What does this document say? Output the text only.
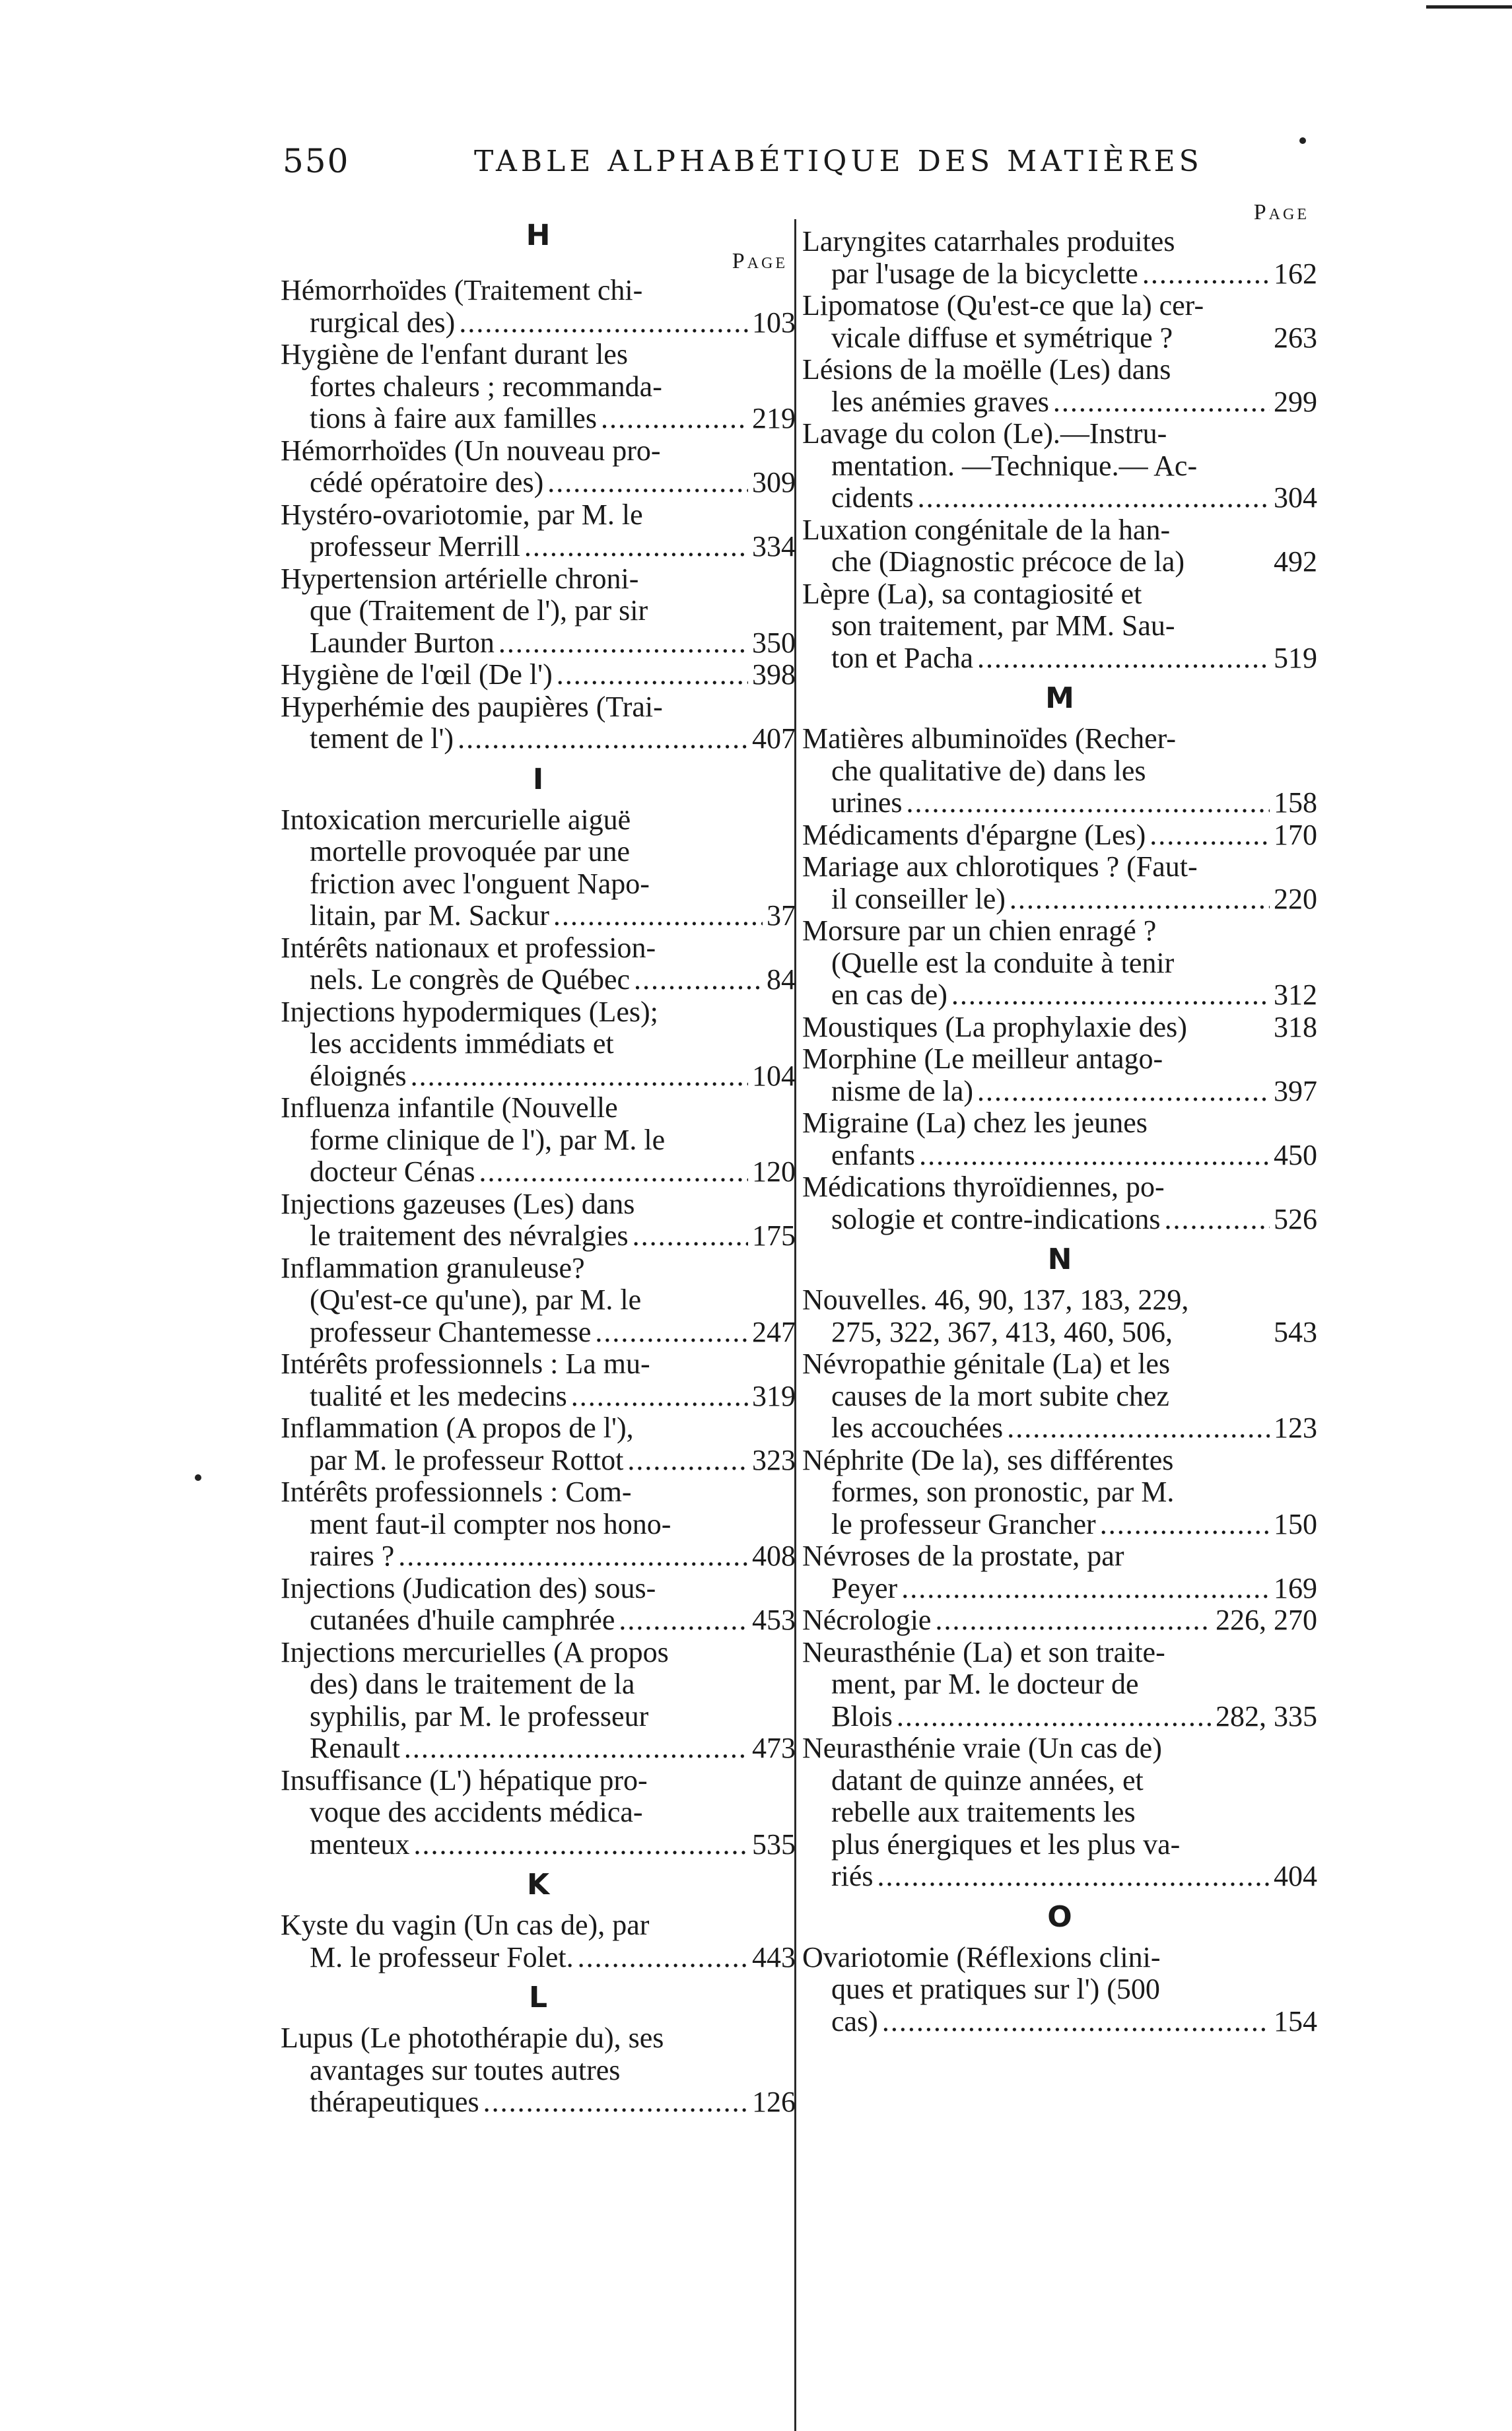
550	TABLE ALPHABÉTIQUE DES MATIÈRES
H
Page
Hémorrhoïdes (Traitement chi-
rurgical des) .....	103
Hygiène de l'enfant durant les
fortes chaleurs ; recommanda-
tions à faire aux familles .....	219
Hémorrhoïdes (Un nouveau pro-
cédé opératoire des) .....	309
Hystéro-ovariotomie, par M. le
professeur Merrill .....	334
Hypertension artérielle chroni-
que (Traitement de l'), par sir
Launder Burton .....	350
Hygiène de l'œil (De l') .....	398
Hyperhémie des paupières (Trai-
tement de l') .....	407
I
Intoxication mercurielle aiguë
mortelle provoquée par une
friction avec l'onguent Napo-
litain, par M. Sackur .....	37
Intérêts nationaux et profession-
nels. Le congrès de Québec .....	84
Injections hypodermiques (Les);
les accidents immédiats et
éloignés .....	104
Influenza infantile (Nouvelle
forme clinique de l'), par M. le
docteur Cénas .....	120
Injections gazeuses (Les) dans
le traitement des névralgies .....	175
Inflammation granuleuse?
(Qu'est-ce qu'une), par M. le
professeur Chantemesse .....	247
Intérêts professionnels : La mu-
tualité et les medecins .....	319
Inflammation (A propos de l'),
par M. le professeur Rottot .....	323
Intérêts professionnels : Com-
ment faut-il compter nos hono-
raires ? .....	408
Injections (Judication des) sous-
cutanées d'huile camphrée .....	453
Injections mercurielles (A propos
des) dans le traitement de la
syphilis, par M. le professeur
Renault .....	473
Insuffisance (L') hépatique pro-
voque des accidents médica-
menteux .....	535
K
Kyste du vagin (Un cas de), par
M. le professeur Folet. .....	443
L
Lupus (Le photothérapie du), ses
avantages sur toutes autres
thérapeutiques .....	126
Page
Laryngites catarrhales produites
par l'usage de la bicyclette .....	162
Lipomatose (Qu'est-ce que la) cer-
vicale diffuse et symétrique ?	263
Lésions de la moëlle (Les) dans
les anémies graves .....	299
Lavage du colon (Le).—Instru-
mentation. —Technique.— Ac-
cidents .....	304
Luxation congénitale de la han-
che (Diagnostic précoce de la)	492
Lèpre (La), sa contagiosité et
son traitement, par MM. Sau-
ton et Pacha .....	519
M
Matières albuminoïdes (Recher-
che qualitative de) dans les
urines .....	158
Médicaments d'épargne (Les) .....	170
Mariage aux chlorotiques ? (Faut-
il conseiller le) .....	220
Morsure par un chien enragé ?
(Quelle est la conduite à tenir
en cas de) .....	312
Moustiques (La prophylaxie des)	318
Morphine (Le meilleur antago-
nisme de la) .....	397
Migraine (La) chez les jeunes
enfants .....	450
Médications thyroïdiennes, po-
sologie et contre-indications .....	526
N
Nouvelles. 46, 90, 137, 183, 229,
275, 322, 367, 413, 460, 506,	543
Névropathie génitale (La) et les
causes de la mort subite chez
les accouchées .....	123
Néphrite (De la), ses différentes
formes, son pronostic, par M.
le professeur Grancher .....	150
Névroses de la prostate, par
Peyer .....	169
Nécrologie .....	226, 270
Neurasthénie (La) et son traite-
ment, par M. le docteur de
Blois .....	282, 335
Neurasthénie vraie (Un cas de)
datant de quinze années, et
rebelle aux traitements les
plus énergiques et les plus va-
riés .....	404
O
Ovariotomie (Réflexions clini-
ques et pratiques sur l') (500
cas) .....	154
